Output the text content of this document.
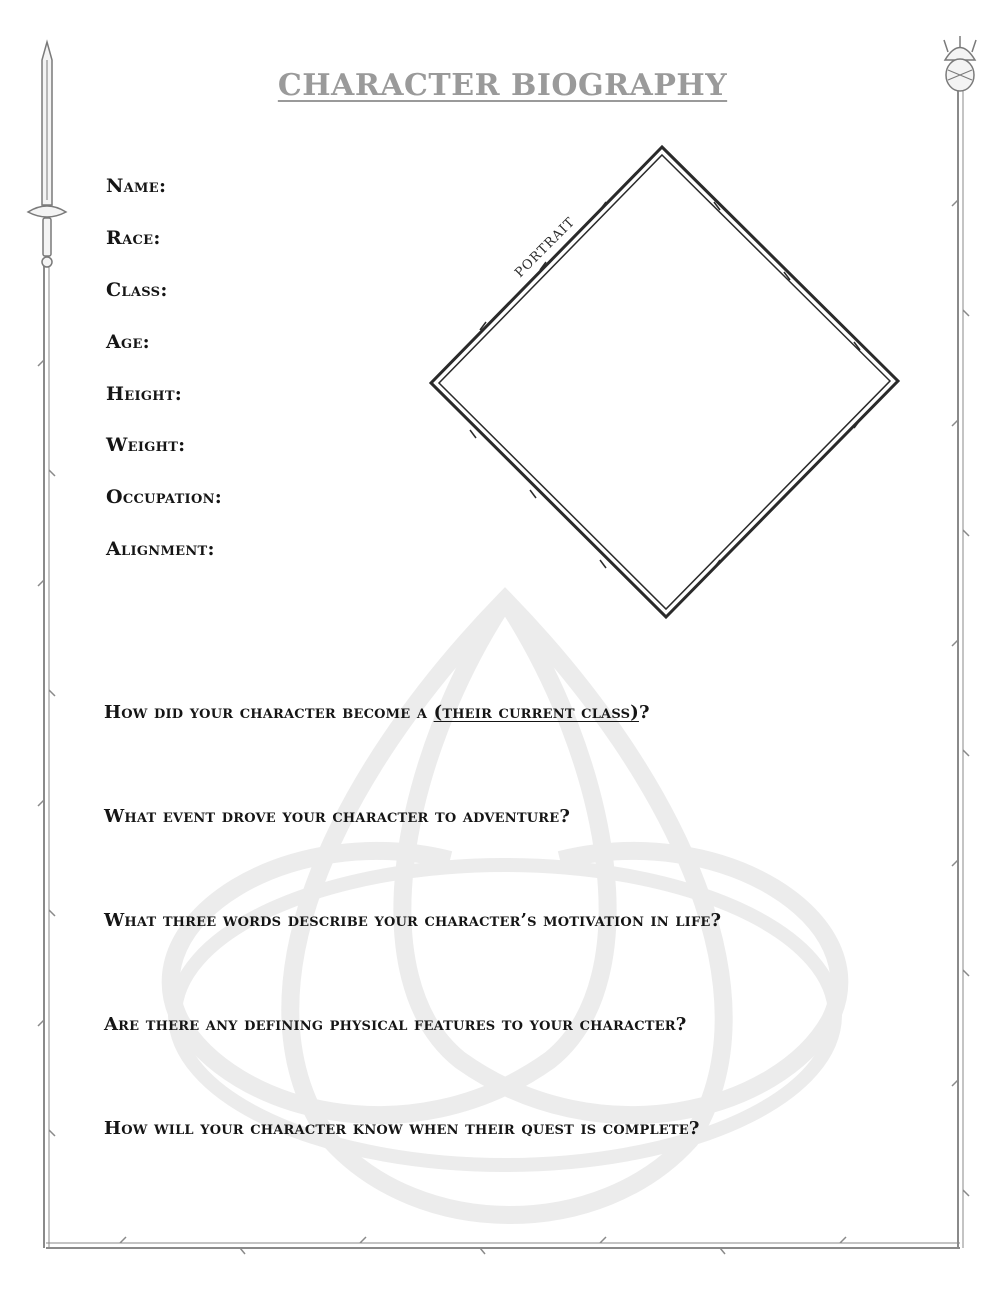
PORTRAIT
CHARACTER BIOGRAPHY
Name:
Race:
Class:
Age:
Height:
Weight:
Occupation:
Alignment:
How did your character become a (their current class)?
What event drove your character to adventure?
What three words describe your character’s motivation in life?
Are there any defining physical features to your character?
How will your character know when their quest is complete?
